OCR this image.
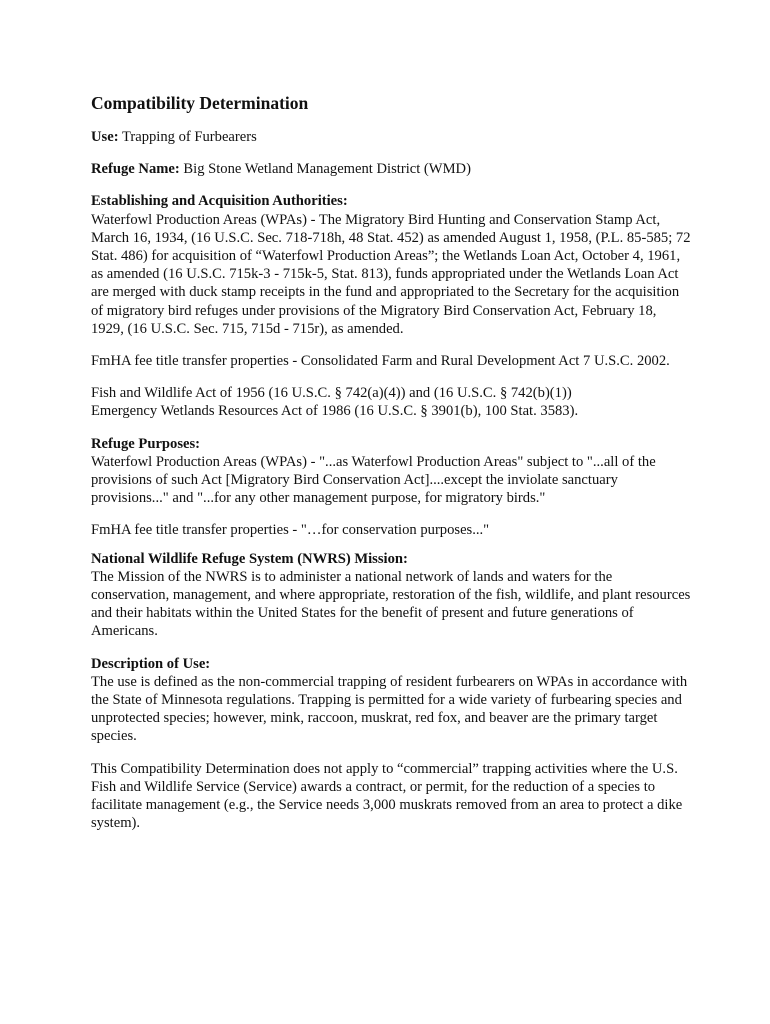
Compatibility Determination
Use: Trapping of Furbearers
Refuge Name: Big Stone Wetland Management District (WMD)
Establishing and Acquisition Authorities:
Waterfowl Production Areas (WPAs) - The Migratory Bird Hunting and Conservation Stamp Act, March 16, 1934, (16 U.S.C. Sec. 718-718h, 48 Stat. 452) as amended August 1, 1958, (P.L. 85-585; 72 Stat. 486) for acquisition of “Waterfowl Production Areas”; the Wetlands Loan Act, October 4, 1961, as amended (16 U.S.C. 715k-3 - 715k-5, Stat. 813), funds appropriated under the Wetlands Loan Act are merged with duck stamp receipts in the fund and appropriated to the Secretary for the acquisition of migratory bird refuges under provisions of the Migratory Bird Conservation Act, February 18, 1929, (16 U.S.C. Sec. 715, 715d - 715r), as amended.
FmHA fee title transfer properties - Consolidated Farm and Rural Development Act 7 U.S.C. 2002.
Fish and Wildlife Act of 1956 (16 U.S.C. § 742(a)(4)) and (16 U.S.C. § 742(b)(1))
Emergency Wetlands Resources Act of 1986 (16 U.S.C. § 3901(b), 100 Stat. 3583).
Refuge Purposes:
Waterfowl Production Areas (WPAs) - "...as Waterfowl Production Areas" subject to "...all of the provisions of such Act [Migratory Bird Conservation Act]....except the inviolate sanctuary provisions..." and "...for any other management purpose, for migratory birds."
FmHA fee title transfer properties - "…for conservation purposes..."
National Wildlife Refuge System (NWRS) Mission:
The Mission of the NWRS is to administer a national network of lands and waters for the conservation, management, and where appropriate, restoration of the fish, wildlife, and plant resources and their habitats within the United States for the benefit of present and future generations of Americans.
Description of Use:
The use is defined as the non-commercial trapping of resident furbearers on WPAs in accordance with the State of Minnesota regulations. Trapping is permitted for a wide variety of furbearing species and unprotected species; however, mink, raccoon, muskrat, red fox, and beaver are the primary target species.
This Compatibility Determination does not apply to “commercial” trapping activities where the U.S. Fish and Wildlife Service (Service) awards a contract, or permit, for the reduction of a species to facilitate management (e.g., the Service needs 3,000 muskrats removed from an area to protect a dike system).
